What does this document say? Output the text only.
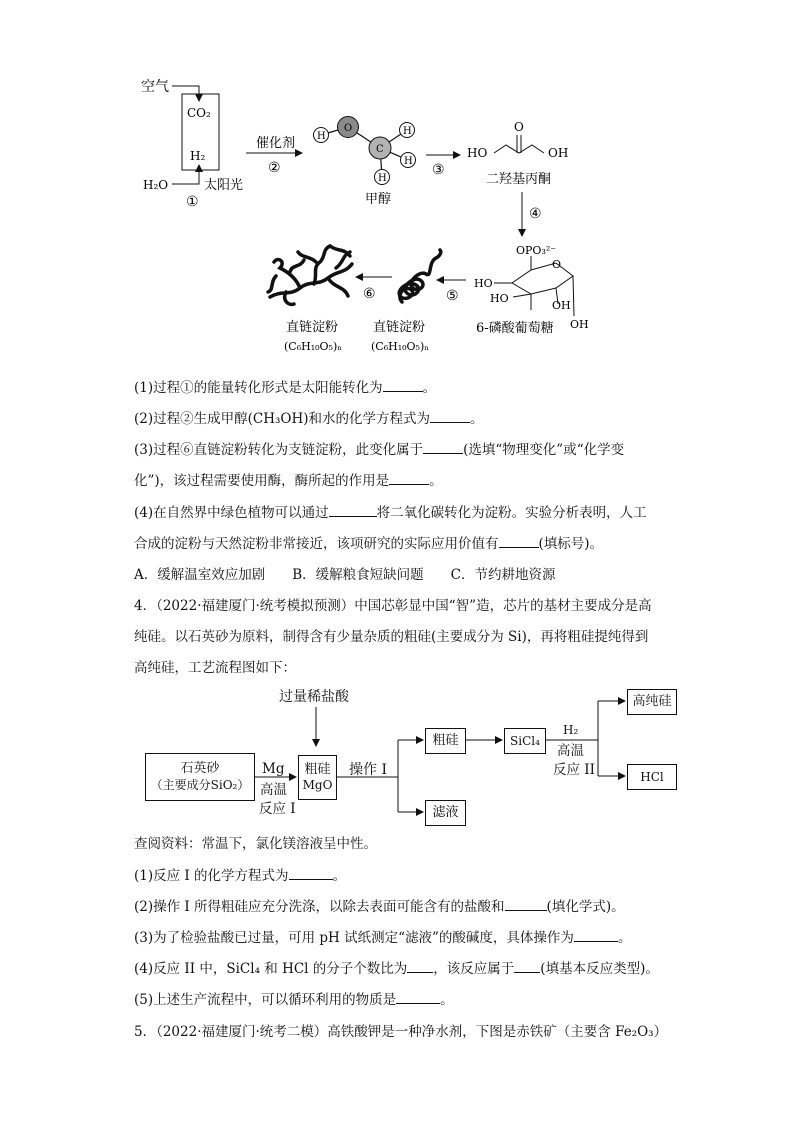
空气
CO₂
H₂
H₂O	太阳光
①
催化剂
②
O
C
H	H
H
H
甲醇
③
O
HO	OH
二羟基丙酮
④
OPO₃²⁻
O
HO
HO
OH
OH
6-磷酸葡萄糖
⑤
直链淀粉
(C₆H₁₀O₅)ₙ
⑥
直链淀粉
(C₆H₁₀O₅)ₙ
(1)过程①的能量转化形式是太阳能转化为	。
(2)过程②生成甲醇(CH₃OH)和水的化学方程式为	。
(3)过程⑥直链淀粉转化为支链淀粉，此变化属于	(选填“物理变化”或“化学变
化”)，该过程需要使用酶，酶所起的作用是	。
(4)在自然界中绿色植物可以通过	将二氧化碳转化为淀粉。实验分析表明，人工
合成的淀粉与天然淀粉非常接近，该项研究的实际应用价值有	(填标号)。
A．缓解温室效应加剧　　B．缓解粮食短缺问题　　C．节约耕地资源
4．（2022·福建厦门·统考模拟预测）中国芯彰显中国“智”造，芯片的基材主要成分是高
纯硅。以石英砂为原料，制得含有少量杂质的粗硅(主要成分为 Si)，再将粗硅提纯得到
高纯硅，工艺流程图如下：
过量稀盐酸
石英砂
（主要成分SiO₂）
Mg
高温
反应 I
粗硅
MgO
操作 I
粗硅
滤液
SiCl₄
H₂
高温
反应 II
高纯硅
HCl
查阅资料：常温下，氯化镁溶液呈中性。
(1)反应 I 的化学方程式为	。
(2)操作 I 所得粗硅应充分洗涤，以除去表面可能含有的盐酸和	(填化学式)。
(3)为了检验盐酸已过量，可用 pH 试纸测定“滤液”的酸碱度，具体操作为	。
(4)反应 II 中，SiCl₄ 和 HCl 的分子个数比为 ，该反应属于 (填基本反应类型)。
(5)上述生产流程中，可以循环利用的物质是	。
5．（2022·福建厦门·统考二模）高铁酸钾是一种净水剂，下图是赤铁矿（主要含 Fe₂O₃）
